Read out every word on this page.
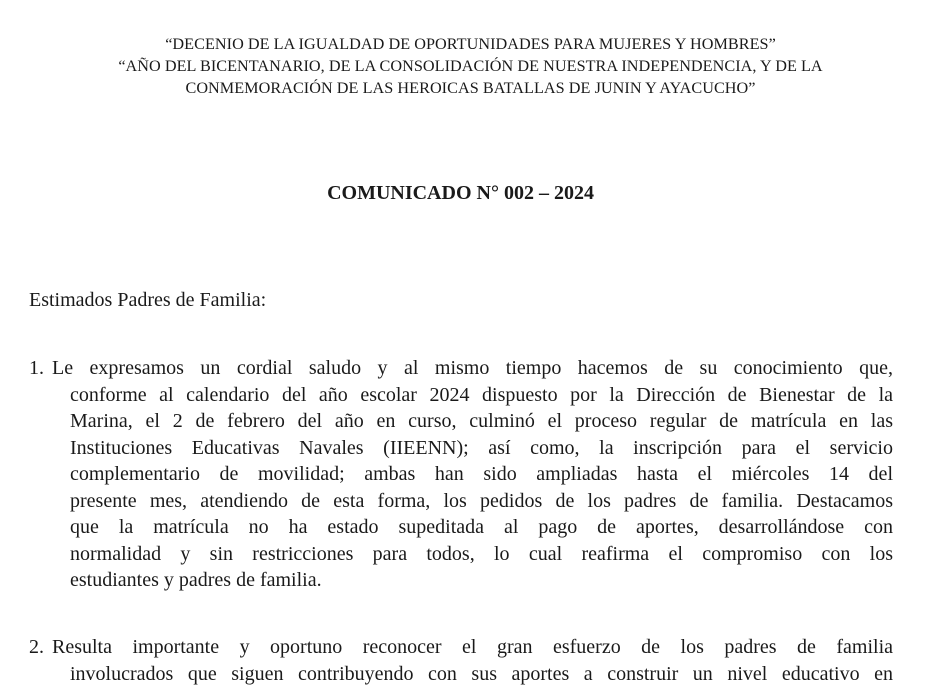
“DECENIO DE LA IGUALDAD DE OPORTUNIDADES PARA MUJERES Y HOMBRES”
“AÑO DEL BICENTANARIO, DE LA CONSOLIDACIÓN DE NUESTRA INDEPENDENCIA, Y DE LA
CONMEMORACIÓN DE LAS HEROICAS BATALLAS DE JUNIN Y AYACUCHO”
COMUNICADO N° 002 – 2024
Estimados Padres de Familia:
1. Le expresamos un cordial saludo y al mismo tiempo hacemos de su conocimiento que,
conforme al calendario del año escolar 2024 dispuesto por la Dirección de Bienestar de la
Marina, el 2 de febrero del año en curso, culminó el proceso regular de matrícula en las
Instituciones Educativas Navales (IIEENN); así como, la inscripción para el servicio
complementario de movilidad; ambas han sido ampliadas hasta el miércoles 14 del
presente mes, atendiendo de esta forma, los pedidos de los padres de familia. Destacamos
que la matrícula no ha estado supeditada al pago de aportes, desarrollándose con
normalidad y sin restricciones para todos, lo cual reafirma el compromiso con los
estudiantes y padres de familia.
2. Resulta importante y oportuno reconocer el gran esfuerzo de los padres de familia
involucrados que siguen contribuyendo con sus aportes a construir un nivel educativo en
